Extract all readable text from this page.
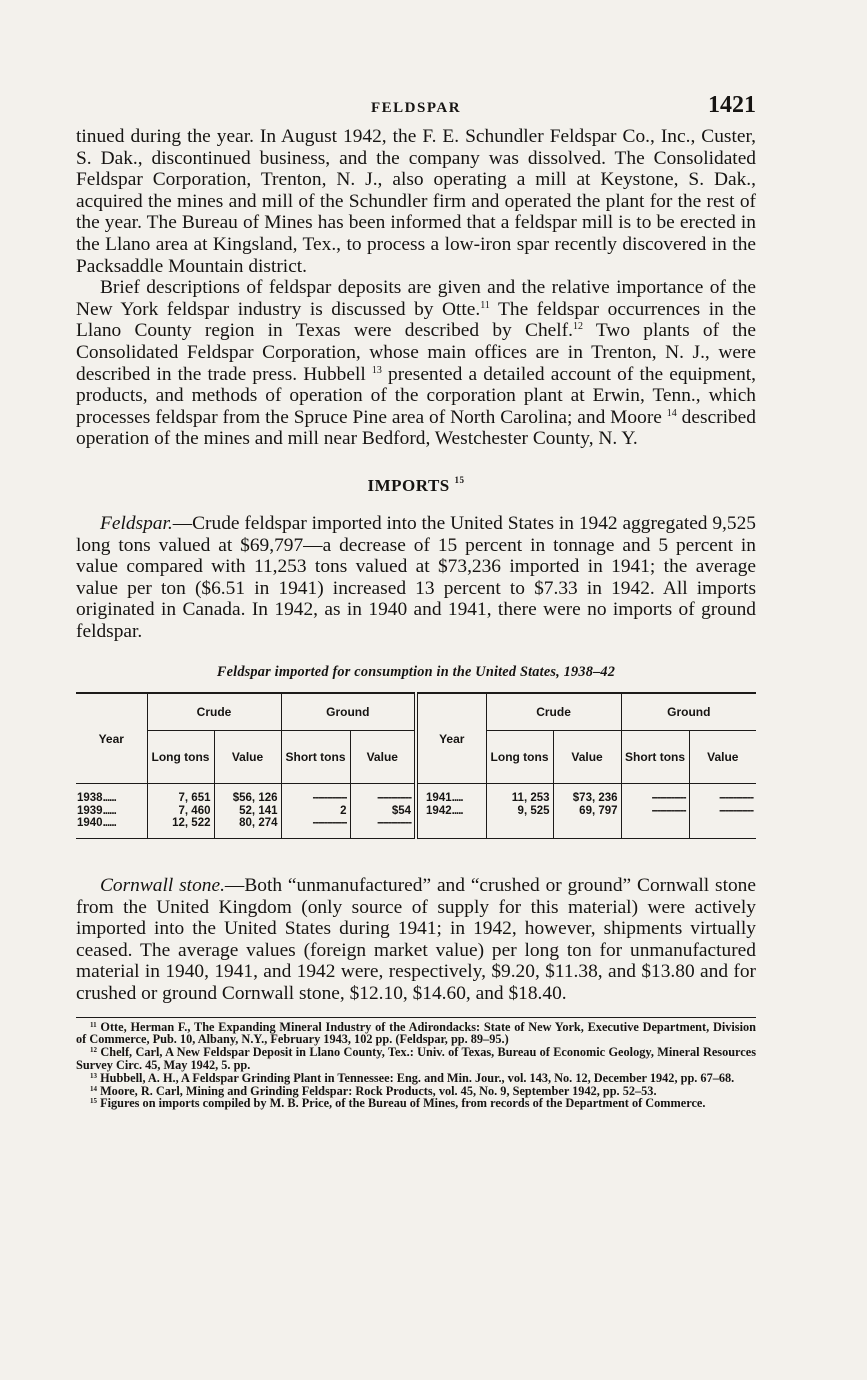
FELDSPAR	1421

tinued during the year. In August 1942, the F. E. Schundler Feldspar Co., Inc., Custer, S. Dak., discontinued business, and the company was dissolved. The Consolidated Feldspar Corporation, Trenton, N. J., also operating a mill at Keystone, S. Dak., acquired the mines and mill of the Schundler firm and operated the plant for the rest of the year. The Bureau of Mines has been informed that a feldspar mill is to be erected in the Llano area at Kingsland, Tex., to process a low-iron spar recently discovered in the Packsaddle Mountain district.

Brief descriptions of feldspar deposits are given and the relative importance of the New York feldspar industry is discussed by Otte.$^{11}$ The feldspar occurrences in the Llano County region in Texas were described by Chelf.$^{12}$ Two plants of the Consolidated Feldspar Corporation, whose main offices are in Trenton, N. J., were described in the trade press. Hubbell $^{13}$ presented a detailed account of the equipment, products, and methods of operation of the corporation plant at Erwin, Tenn., which processes feldspar from the Spruce Pine area of North Carolina; and Moore $^{14}$ described operation of the mines and mill near Bedford, Westchester County, N. Y.

IMPORTS $^{15}$

Feldspar.—Crude feldspar imported into the United States in 1942 aggregated 9,525 long tons valued at $69,797—a decrease of 15 percent in tonnage and 5 percent in value compared with 11,253 tons valued at $73,236 imported in 1941; the average value per ton ($6.51 in 1941) increased 13 percent to $7.33 in 1942. All imports originated in Canada. In 1942, as in 1940 and 1941, there were no imports of ground feldspar.

Feldspar imported for consumption in the United States, 1938–42
Year	Crude		Ground		Year	Crude		Ground	
	Long tons	Value	Short tons	Value		Long tons	Value	Short tons	Value

1938......	7, 651	$56, 126	------------	------------	1941.....	11, 253	$73, 236	------------	------------
1939......	7, 460	52, 141	2	$54	1942.....	9, 525	69, 797	------------	------------
1940......	12, 522	80, 274	------------	------------					

Cornwall stone.—Both “unmanufactured” and “crushed or ground” Cornwall stone from the United Kingdom (only source of supply for this material) were actively imported into the United States during 1941; in 1942, however, shipments virtually ceased. The average values (foreign market value) per long ton for unmanufactured material in 1940, 1941, and 1942 were, respectively, $9.20, $11.38, and $13.80 and for crushed or ground Cornwall stone, $12.10, $14.60, and $18.40.

$^{11}$ Otte, Herman F., The Expanding Mineral Industry of the Adirondacks: State of New York, Executive Department, Division of Commerce, Pub. 10, Albany, N.Y., February 1943, 102 pp. (Feldspar, pp. 89–95.)

$^{12}$ Chelf, Carl, A New Feldspar Deposit in Llano County, Tex.: Univ. of Texas, Bureau of Economic Geology, Mineral Resources Survey Circ. 45, May 1942, 5. pp.

$^{13}$ Hubbell, A. H., A Feldspar Grinding Plant in Tennessee: Eng. and Min. Jour., vol. 143, No. 12, December 1942, pp. 67–68.

$^{14}$ Moore, R. Carl, Mining and Grinding Feldspar: Rock Products, vol. 45, No. 9, September 1942, pp. 52–53.

$^{15}$ Figures on imports compiled by M. B. Price, of the Bureau of Mines, from records of the Department of Commerce.
